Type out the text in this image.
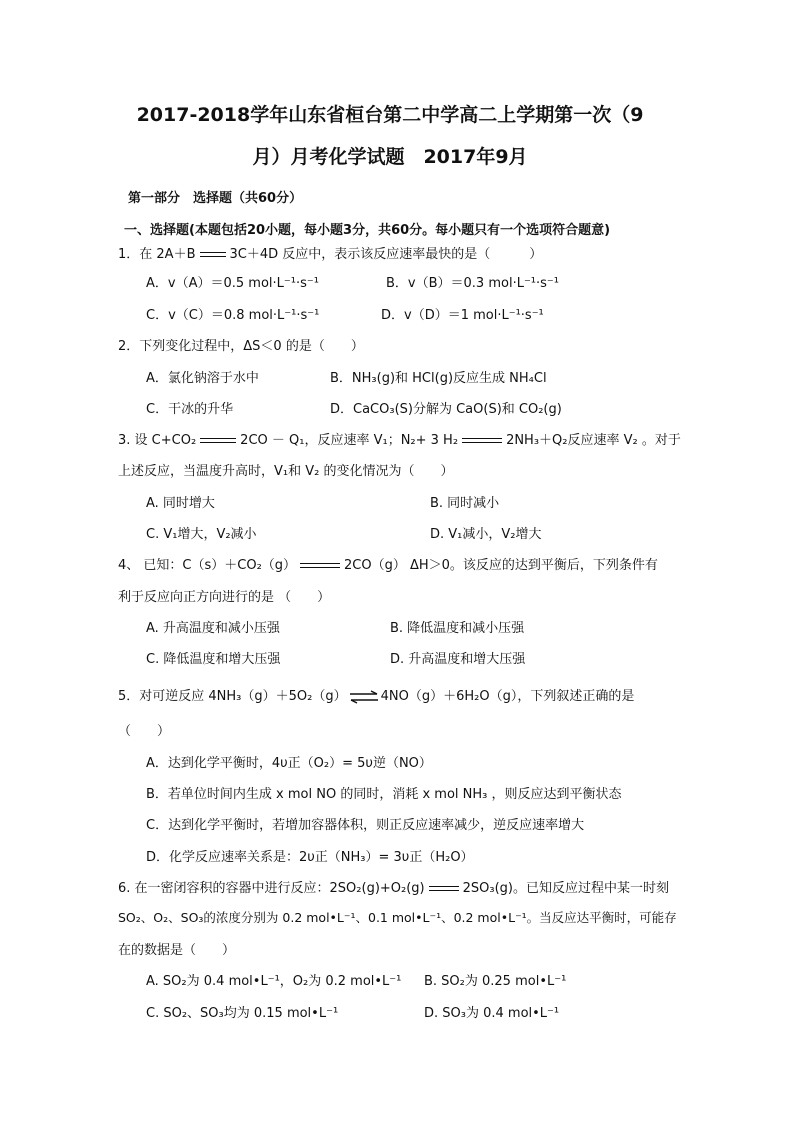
2017-2018学年山东省桓台第二中学高二上学期第一次（9
月）月考化学试题　2017年9月
第一部分　选择题（共60分）
一、选择题(本题包括20小题，每小题3分，共60分。每小题只有一个选项符合题意)
1．在 2A＋B	3C＋4D 反应中，表示该反应速率最快的是（　　　）
A．v（A）＝0.5 mol·L⁻¹·s⁻¹	B．v（B）＝0.3 mol·L⁻¹·s⁻¹
C．v（C）＝0.8 mol·L⁻¹·s⁻¹	D．v（D）＝1 mol·L⁻¹·s⁻¹
2．下列变化过程中，ΔS＜0 的是（　　）
A．氯化钠溶于水中	B．NH₃(g)和 HCl(g)反应生成 NH₄Cl
C．干冰的升华	D．CaCO₃(S)分解为 CaO(S)和 CO₂(g)
3. 设 C+CO₂	2CO － Q₁，反应速率 V₁；N₂+ 3 H₂	2NH₃＋Q₂反应速率 V₂ 。对于
上述反应，当温度升高时，V₁和 V₂ 的变化情况为（　　）
A. 同时增大	B. 同时减小
C. V₁增大，V₂减小	D. V₁减小，V₂增大
4、 已知：C（s）＋CO₂（g）	2CO（g） ΔH＞0。该反应的达到平衡后，下列条件有
利于反应向正方向进行的是 （　　）
A. 升高温度和减小压强	B. 降低温度和减小压强
C. 降低温度和增大压强	D. 升高温度和增大压强
5．对可逆反应 4NH₃（g）＋5O₂（g） ⇌ 4NO（g）＋6H₂O（g），下列叙述正确的是
（　　）
A．达到化学平衡时，4υ正（O₂）= 5υ逆（NO）
B．若单位时间内生成 x mol NO 的同时，消耗 x mol NH₃ ，则反应达到平衡状态
C．达到化学平衡时，若增加容器体积，则正反应速率减少，逆反应速率增大
D．化学反应速率关系是：2υ正（NH₃）= 3υ正（H₂O）
6. 在一密闭容积的容器中进行反应：2SO₂(g)+O₂(g)	2SO₃(g)。已知反应过程中某一时刻
SO₂、O₂、SO₃的浓度分别为 0.2 mol•L⁻¹、0.1 mol•L⁻¹、0.2 mol•L⁻¹。当反应达平衡时，可能存
在的数据是（　　）
A. SO₂为 0.4 mol•L⁻¹，O₂为 0.2 mol•L⁻¹ B. SO₂为 0.25 mol•L⁻¹
C. SO₂、SO₃均为 0.15 mol•L⁻¹	D. SO₃为 0.4 mol•L⁻¹
